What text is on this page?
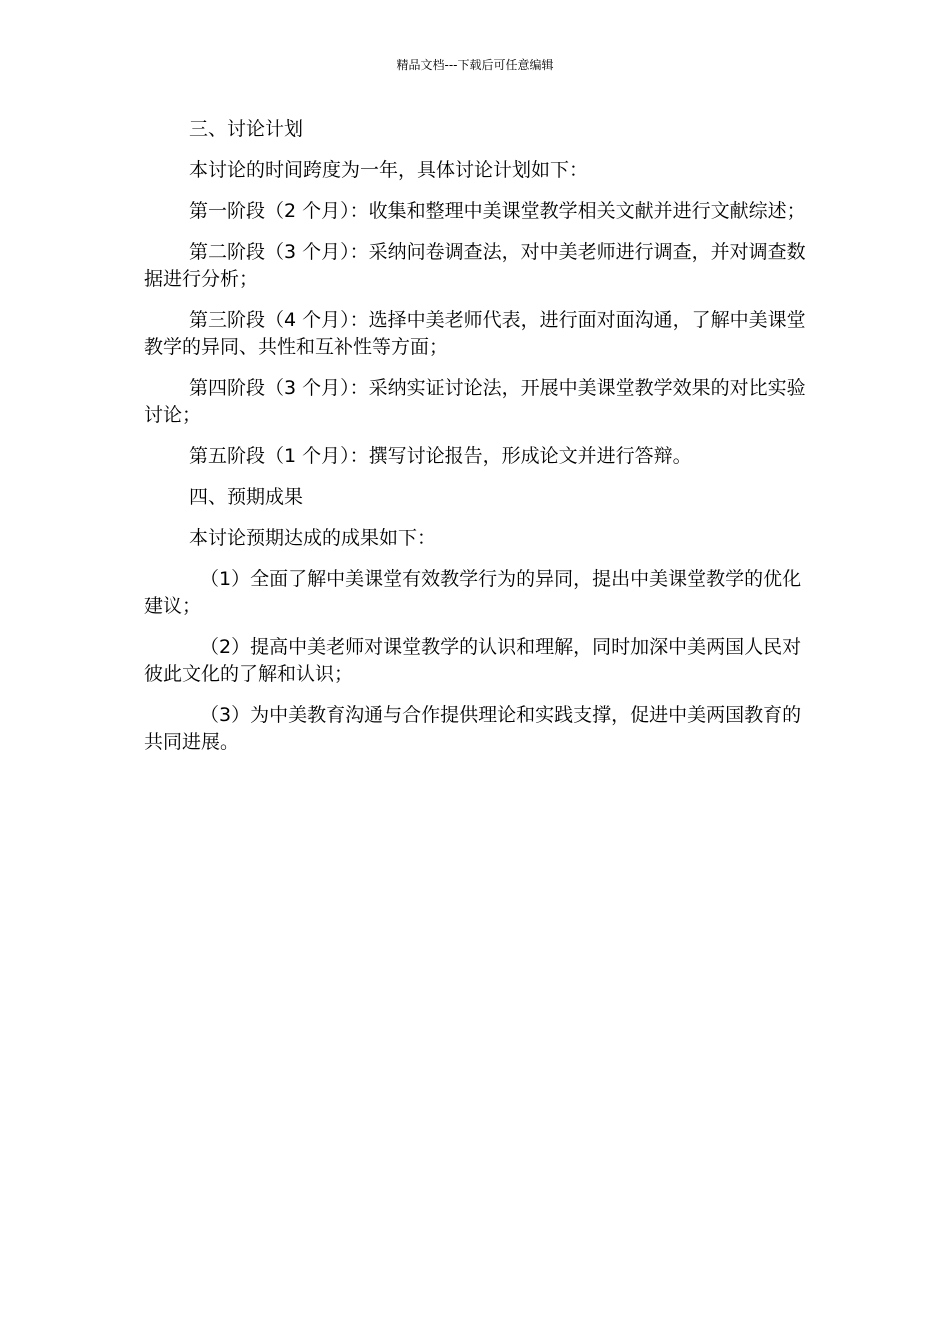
精品文档---下载后可任意编辑

三、讨论计划

本讨论的时间跨度为一年，具体讨论计划如下：

第一阶段（2 个月）：收集和整理中美课堂教学相关文献并进行文献综述；

第二阶段（3 个月）：采纳问卷调查法，对中美老师进行调查，并对调查数据进行分析；

第三阶段（4 个月）：选择中美老师代表，进行面对面沟通，了解中美课堂教学的异同、共性和互补性等方面；

第四阶段（3 个月）：采纳实证讨论法，开展中美课堂教学效果的对比实验讨论；

第五阶段（1 个月）：撰写讨论报告，形成论文并进行答辩。

四、预期成果

本讨论预期达成的成果如下：

（1）全面了解中美课堂有效教学行为的异同，提出中美课堂教学的优化建议；

（2）提高中美老师对课堂教学的认识和理解，同时加深中美两国人民对彼此文化的了解和认识；

（3）为中美教育沟通与合作提供理论和实践支撑，促进中美两国教育的共同进展。
